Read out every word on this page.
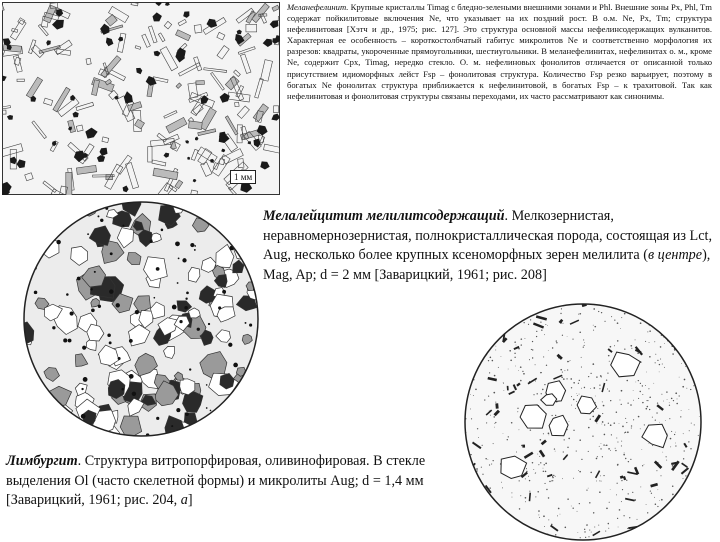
1 мм
Меланефелинит. Крупные кристаллы Timag с бледно-зелеными внешними зонами и Phl. Внешние зоны Px, Phl, Tm содержат пойкилитовые включения Ne, что указывает на их поздний рост. В о.м. Ne, Px, Tm; структура нефелинитовая [Хэтч и др., 1975; рис. 127]. Это структура основной массы нефелинсодержащих вулканитов. Характерная ее особенность – короткостолбчатый габитус микролитов Ne и соответственно морфология их разрезов: квадраты, укороченные прямоугольники, шестиугольники. В меланефелинитах, нефелинитах о. м., кроме Ne, содержит Cpx, Timag, нередко стекло. О. м. нефелиновых фонолитов отличается от описанной только присутствием идиоморфных лейст Fsp – фонолитовая структура. Количество Fsp резко варьирует, поэтому в богатых Ne фонолитах структура приближается к нефелинитовой, в богатых Fsp – к трахитовой. Так как нефелинитовая и фонолитовая структуры связаны переходами, их часто рассматривают как синонимы.
Мелалейцитит мелилитсодержащий. Мелкозернистая, неравномернозернистая, полнокристаллическая порода, состоящая из Lct, Aug, несколько более крупных ксеноморфных зерен мелилита (в центре), Mag, Ap; d = 2 мм [Заварицкий, 1961; рис. 208]
Лимбургит. Структура витропорфировая, оливинофировая. В стекле выделения Ol (часто скелетной формы) и микролиты Aug; d = 1,4 мм [Заварицкий, 1961; рис. 204, а]
